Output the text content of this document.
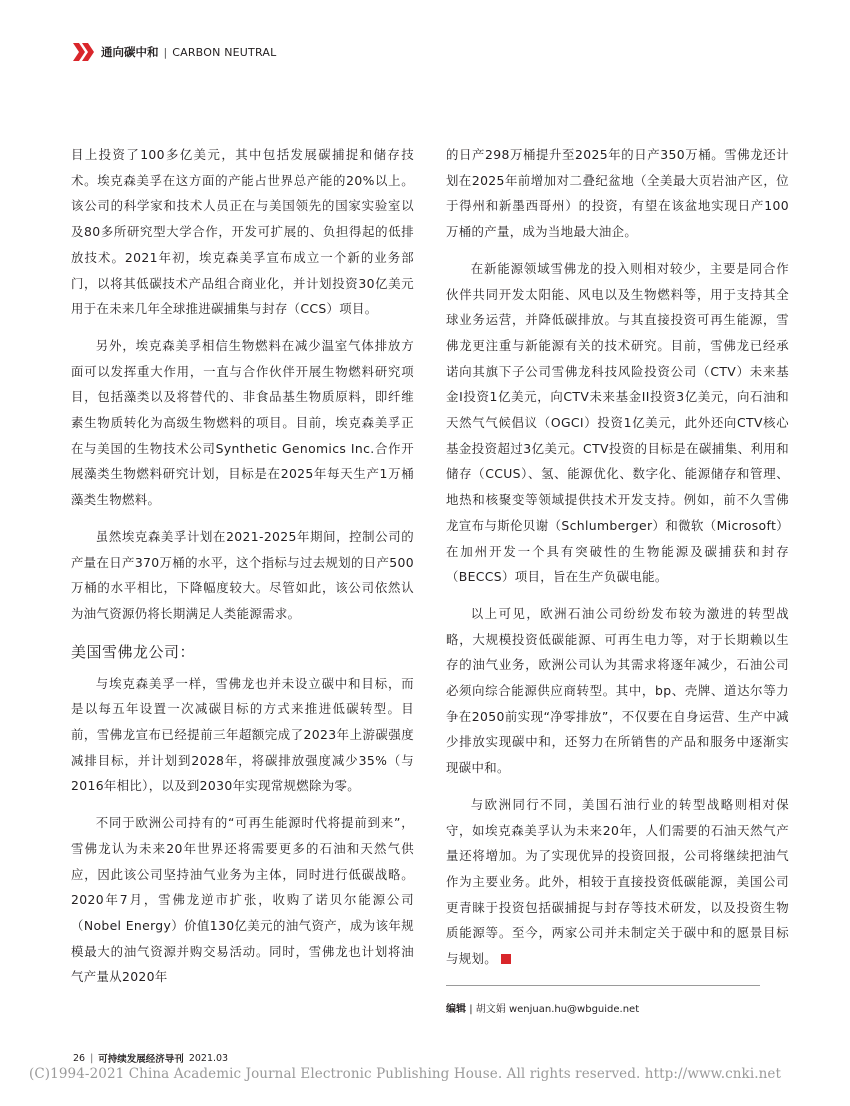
通向碳中和 | CARBON NEUTRAL

目上投资了100多亿美元，其中包括发展碳捕捉和储存技术。埃克森美孚在这方面的产能占世界总产能的20%以上。该公司的科学家和技术人员正在与美国领先的国家实验室以及80多所研究型大学合作，开发可扩展的、负担得起的低排放技术。2021年初，埃克森美孚宣布成立一个新的业务部门，以将其低碳技术产品组合商业化，并计划投资30亿美元用于在未来几年全球推进碳捕集与封存（CCS）项目。

另外，埃克森美孚相信生物燃料在减少温室气体排放方面可以发挥重大作用，一直与合作伙伴开展生物燃料研究项目，包括藻类以及将替代的、非食品基生物质原料，即纤维素生物质转化为高级生物燃料的项目。目前，埃克森美孚正在与美国的生物技术公司Synthetic Genomics Inc.合作开展藻类生物燃料研究计划，目标是在2025年每天生产1万桶藻类生物燃料。

虽然埃克森美孚计划在2021-2025年期间，控制公司的产量在日产370万桶的水平，这个指标与过去规划的日产500万桶的水平相比，下降幅度较大。尽管如此，该公司依然认为油气资源仍将长期满足人类能源需求。

美国雪佛龙公司：

与埃克森美孚一样，雪佛龙也并未设立碳中和目标，而是以每五年设置一次减碳目标的方式来推进低碳转型。目前，雪佛龙宣布已经提前三年超额完成了2023年上游碳强度减排目标，并计划到2028年，将碳排放强度减少35%（与2016年相比），以及到2030年实现常规燃除为零。

不同于欧洲公司持有的“可再生能源时代将提前到来”，雪佛龙认为未来20年世界还将需要更多的石油和天然气供应，因此该公司坚持油气业务为主体，同时进行低碳战略。2020年7月，雪佛龙逆市扩张，收购了诺贝尔能源公司（Nobel Energy）价值130亿美元的油气资产，成为该年规模最大的油气资源并购交易活动。同时，雪佛龙也计划将油气产量从2020年

的日产298万桶提升至2025年的日产350万桶。雪佛龙还计划在2025年前增加对二叠纪盆地（全美最大页岩油产区，位于得州和新墨西哥州）的投资，有望在该盆地实现日产100万桶的产量，成为当地最大油企。

在新能源领域雪佛龙的投入则相对较少，主要是同合作伙伴共同开发太阳能、风电以及生物燃料等，用于支持其全球业务运营，并降低碳排放。与其直接投资可再生能源，雪佛龙更注重与新能源有关的技术研究。目前，雪佛龙已经承诺向其旗下子公司雪佛龙科技风险投资公司（CTV）未来基金I投资1亿美元，向CTV未来基金II投资3亿美元，向石油和天然气气候倡议（OGCI）投资1亿美元，此外还向CTV核心基金投资超过3亿美元。CTV投资的目标是在碳捕集、利用和储存（CCUS）、氢、能源优化、数字化、能源储存和管理、地热和核聚变等领域提供技术开发支持。例如，前不久雪佛龙宣布与斯伦贝谢（Schlumberger）和微软（Microsoft）在加州开发一个具有突破性的生物能源及碳捕获和封存（BECCS）项目，旨在生产负碳电能。

以上可见，欧洲石油公司纷纷发布较为激进的转型战略，大规模投资低碳能源、可再生电力等，对于长期赖以生存的油气业务，欧洲公司认为其需求将逐年减少，石油公司必须向综合能源供应商转型。其中，bp、壳牌、道达尔等力争在2050前实现“净零排放”，不仅要在自身运营、生产中减少排放实现碳中和，还努力在所销售的产品和服务中逐渐实现碳中和。

与欧洲同行不同，美国石油行业的转型战略则相对保守，如埃克森美孚认为未来20年，人们需要的石油天然气产量还将增加。为了实现优异的投资回报，公司将继续把油气作为主要业务。此外，相较于直接投资低碳能源，美国公司更青睐于投资包括碳捕捉与封存等技术研发，以及投资生物质能源等。至今，两家公司并未制定关于碳中和的愿景目标与规划。✕

编辑 | 胡文娟 wenjuan.hu@wbguide.net
26 | 可持续发展经济导刊 2021.03
(C)1994-2021 China Academic Journal Electronic Publishing House. All rights reserved. http://www.cnki.net
